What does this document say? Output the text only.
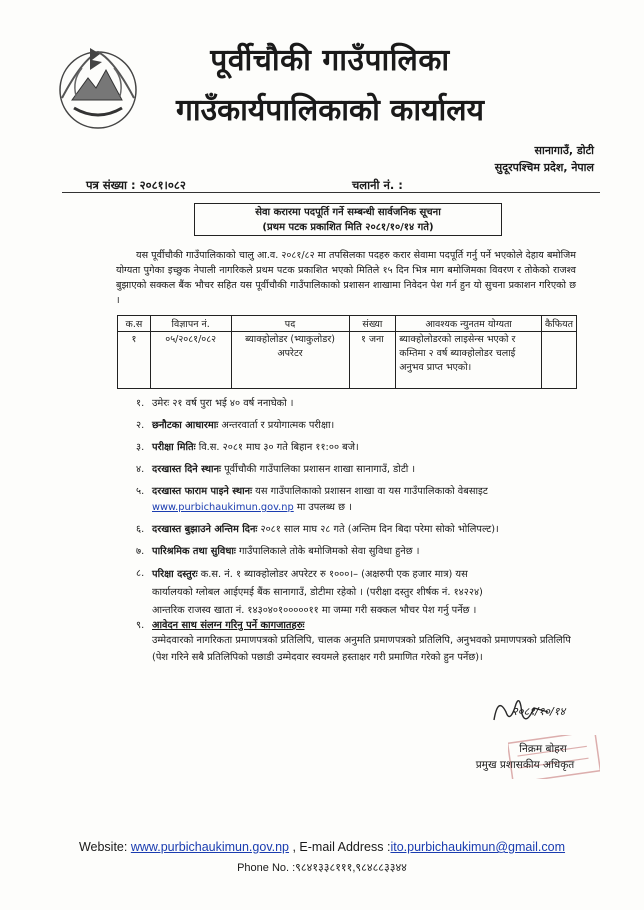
पूर्वीचौकी गाउँपालिका
गाउँकार्यपालिकाको कार्यालय
सानागाउँ, डोटी
सुदूरपश्चिम प्रदेश, नेपाल
पत्र संख्या : २०८१।०८२	चलानी नं. :
सेवा करारमा पदपूर्ति गर्ने सम्बन्धी सार्वजनिक सूचना
(प्रथम पटक प्रकाशित मिति २०८१/१०/१४ गते)
यस पूर्वीचौकी गाउँपालिकाको चालु आ.व. २०८१/८२ मा तपसिलका पदहरु करार सेवामा पदपूर्ति गर्नु पर्ने भएकोले देहाय बमोजिम योग्यता पुगेका इच्छुक नेपाली नागरिकले प्रथम पटक प्रकाशित भएको मितिले १५ दिन भित्र माग बमोजिमका विवरण र तोकेको राजश्व बुझाएको सक्कल बैंक भौचर सहित यस पूर्वीचौकी गाउँपालिकाको प्रशासन शाखामा निवेदन पेश गर्न हुन यो सुचना प्रकाशन गरिएको छ ।
क.स	विज्ञापन नं.	पद	संख्या	आवश्यक न्युनतम योग्यता	कैफियत
१	०५/२०८१/०८२	ब्याक्होलोडर (भ्याकुलोडर) अपरेटर	१ जना	ब्याक्होलोडरको लाइसेन्स भएको र कम्तिमा २ वर्ष ब्याक्होलोडर चलाई अनुभव प्राप्त भएको।	
१. उमेरः २१ वर्ष पुरा भई ४० वर्ष ननाघेको ।
२. छनौटका आधारमाः अन्तरवार्ता र प्रयोगात्मक परीक्षा।
३. परीक्षा मितिः वि.स. २०८१ माघ ३० गते बिहान ११:०० बजे।
४. दरखास्त दिने स्थानः पूर्वीचौकी गाउँपालिका प्रशासन शाखा सानागाउँ, डोटी ।
५. दरखास्त फाराम पाइने स्थानः यस गाउँपालिकाको प्रशासन शाखा वा यस गाउँपालिकाको वेबसाइट
www.purbichaukimun.gov.np मा उपलब्ध छ ।
६. दरखास्त बुझाउने अन्तिम दिनः २०८१ साल माघ २८ गते (अन्तिम दिन बिदा परेमा सोको भोलिपल्ट)।
७. पारिश्रमिक तथा सुविधाः गाउँपालिकाले तोके बमोजिमको सेवा सुविधा हुनेछ ।
८. परिक्षा दस्तुरः क.स. नं. १ ब्याक्होलोडर अपरेटर रु १०००।– (अक्षरुपी एक हजार मात्र) यस
कार्यालयको ग्लोबल आईएमई बैंक सानागाउँ, डोटीमा रहेको । (परीक्षा दस्तुर शीर्षक नं. १४२२४)
आन्तरिक राजस्व खाता नं. १४३०४०१०००००११ मा जम्मा गरी सक्कल भौचर पेश गर्नु पर्नेछ ।
९. आवेदन साथ संलग्न गरिनु पर्ने कागजातहरुः
उम्मेदवारको नागरिकता प्रमाणपत्रको प्रतिलिपि, चालक अनुमति प्रमाणपत्रको प्रतिलिपि, अनुभवको प्रमाणपत्रको प्रतिलिपि (पेश गरिने सबै प्रतिलिपिको पछाडी उम्मेदवार स्वयमले हस्ताक्षर गरी प्रमाणित गरेको हुन पर्नेछ)।
२०८१/१०/१४
निक्रम बोहरा
प्रमुख प्रशासकीय अधिकृत
Website: www.purbichaukimun.gov.np , E-mail Address :ito.purbichaukimun@gmail.com
Phone No. :९८४१३३८१११,९८४८८३३४४
